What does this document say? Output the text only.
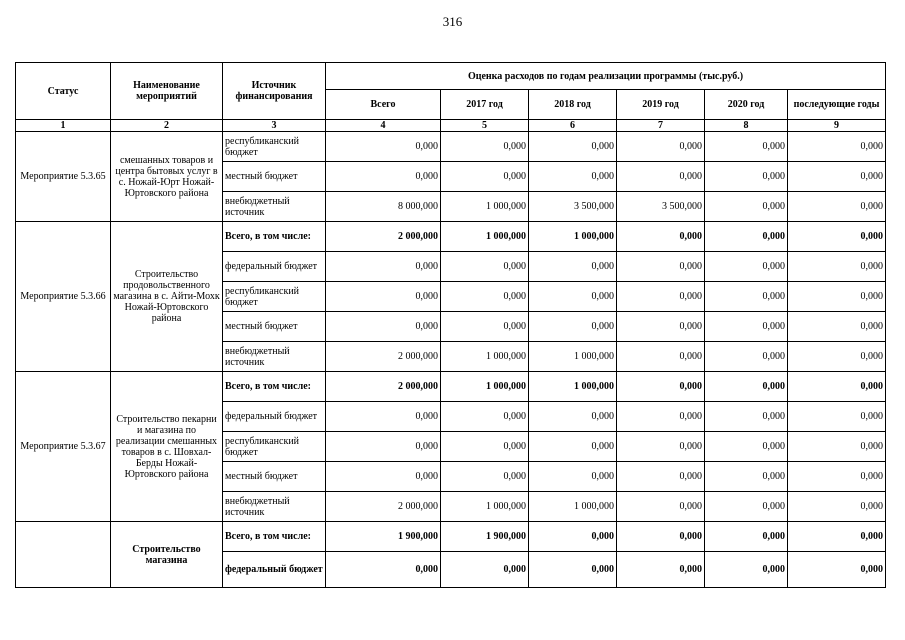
316
Статус	Наименование мероприятий	Источник финансирования	Оценка расходов по годам реализации программы (тыс.руб.)					
			Всего	2017 год	2018 год	2019 год	2020 год	последующие годы
1	2	3	4	5	6	7	8	9
Мероприятие 5.3.65	смешанных товаров и центра бытовых услуг в с. Ножай-Юрт Ножай-Юртовского района	республиканский бюджет	0,000	0,000	0,000	0,000	0,000	0,000
		местный бюджет	0,000	0,000	0,000	0,000	0,000	0,000
		внебюджетный источник	8 000,000	1 000,000	3 500,000	3 500,000	0,000	0,000
Мероприятие 5.3.66	Строительство продовольственного магазина в с. Айти-Мохк Ножай-Юртовского района	Всего, в том числе:	2 000,000	1 000,000	1 000,000	0,000	0,000	0,000
		федеральный бюджет	0,000	0,000	0,000	0,000	0,000	0,000
		республиканский бюджет	0,000	0,000	0,000	0,000	0,000	0,000
		местный бюджет	0,000	0,000	0,000	0,000	0,000	0,000
		внебюджетный источник	2 000,000	1 000,000	1 000,000	0,000	0,000	0,000
Мероприятие 5.3.67	Строительство пекарни и магазина по реализации смешанных товаров в с. Шовхал-Берды Ножай-Юртовского района	Всего, в том числе:	2 000,000	1 000,000	1 000,000	0,000	0,000	0,000
		федеральный бюджет	0,000	0,000	0,000	0,000	0,000	0,000
		республиканский бюджет	0,000	0,000	0,000	0,000	0,000	0,000
		местный бюджет	0,000	0,000	0,000	0,000	0,000	0,000
		внебюджетный источник	2 000,000	1 000,000	1 000,000	0,000	0,000	0,000
	Строительство магазина	Всего, в том числе:	1 900,000	1 900,000	0,000	0,000	0,000	0,000
		федеральный бюджет	0,000	0,000	0,000	0,000	0,000	0,000
